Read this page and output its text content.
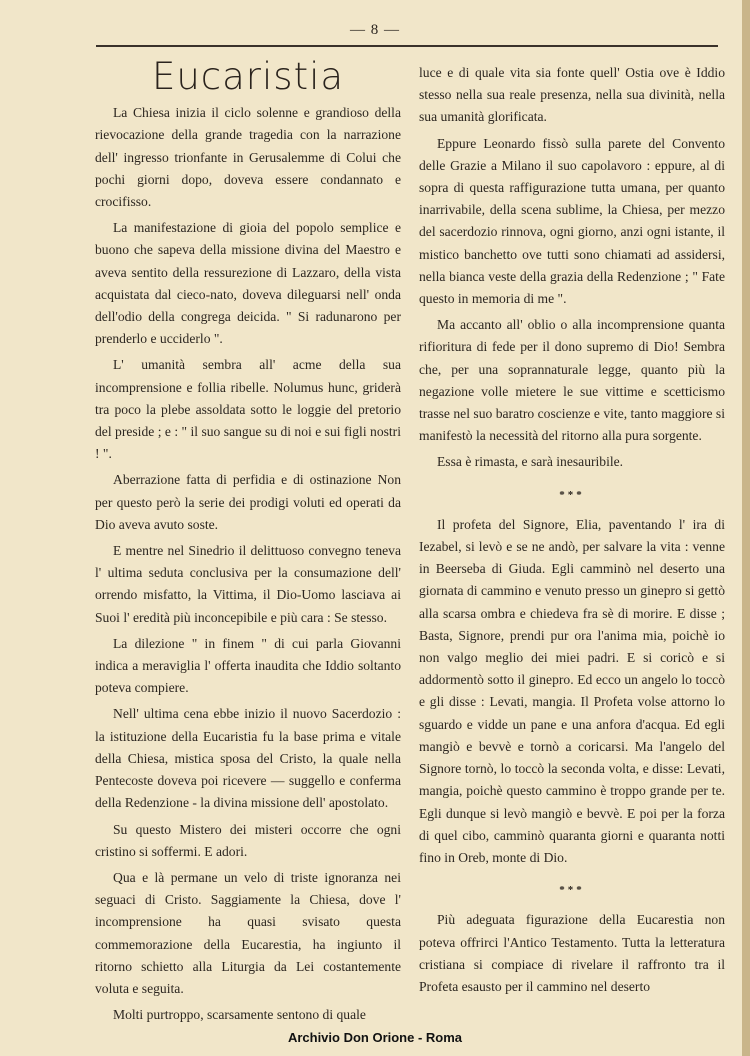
— 8 —
Eucaristia

La Chiesa inizia il ciclo solenne e grandioso della rievocazione della grande tragedia con la narrazione dell' ingresso trionfante in Gerusalemme di Colui che pochi giorni dopo, doveva essere condannato e crocifisso.

La manifestazione di gioia del popolo semplice e buono che sapeva della missione divina del Maestro e aveva sentito della ressurezione di Lazzaro, della vista acquistata dal cieco-nato, doveva dileguarsi nell' onda dell'odio della congrega deicida. " Si radunarono per prenderlo e ucciderlo ".

L' umanità sembra all' acme della sua incomprensione e follia ribelle. Nolumus hunc, griderà tra poco la plebe assoldata sotto le loggie del pretorio del preside ; e : " il suo sangue su di noi e sui figli nostri ! ".

Aberrazione fatta di perfidia e di ostinazione Non per questo però la serie dei prodigi voluti ed operati da Dio aveva avuto soste.

E mentre nel Sinedrio il delittuoso convegno teneva l' ultima seduta conclusiva per la consumazione dell' orrendo misfatto, la Vittima, il Dio-Uomo lasciava ai Suoi l' eredità più inconcepibile e più cara : Se stesso.

La dilezione " in finem " di cui parla Giovanni indica a meraviglia l' offerta inaudita che Iddio soltanto poteva compiere.

Nell' ultima cena ebbe inizio il nuovo Sacerdozio : la istituzione della Eucaristia fu la base prima e vitale della Chiesa, mistica sposa del Cristo, la quale nella Pentecoste doveva poi ricevere — suggello e conferma della Redenzione - la divina missione dell' apostolato.

Su questo Mistero dei misteri occorre che ogni cristino si soffermi. E adori.

Qua e là permane un velo di triste ignoranza nei seguaci di Cristo. Saggiamente la Chiesa, dove l' incomprensione ha quasi svisato questa commemorazione della Eucarestia, ha ingiunto il ritorno schietto alla Liturgia da Lei costantemente voluta e seguita.

Molti purtroppo, scarsamente sentono di quale

luce e di quale vita sia fonte quell' Ostia ove è Iddio stesso nella sua reale presenza, nella sua divinità, nella sua umanità glorificata.

Eppure Leonardo fissò sulla parete del Convento delle Grazie a Milano il suo capolavoro : eppure, al di sopra di questa raffigurazione tutta umana, per quanto inarrivabile, della scena sublime, la Chiesa, per mezzo del sacerdozio rinnova, ogni giorno, anzi ogni istante, il mistico banchetto ove tutti sono chiamati ad assidersi, nella bianca veste della grazia della Redenzione ; " Fate questo in memoria di me ".

Ma accanto all' oblio o alla incomprensione quanta rifioritura di fede per il dono supremo di Dio! Sembra che, per una soprannaturale legge, quanto più la negazione volle mietere le sue vittime e scetticismo trasse nel suo baratro coscienze e vite, tanto maggiore si manifestò la necessità del ritorno alla pura sorgente.

Essa è rimasta, e sarà inesauribile.

***

Il profeta del Signore, Elia, paventando l' ira di Iezabel, si levò e se ne andò, per salvare la vita : venne in Beerseba di Giuda. Egli camminò nel deserto una giornata di cammino e venuto presso un ginepro si gettò alla scarsa ombra e chiedeva fra sè di morire. E disse ; Basta, Signore, prendi pur ora l'anima mia, poichè io non valgo meglio dei miei padri. E si coricò e si addormentò sotto il ginepro. Ed ecco un angelo lo toccò e gli disse : Levati, mangia. Il Profeta volse attorno lo sguardo e vidde un pane e una anfora d'acqua. Ed egli mangiò e bevvè e tornò a coricarsi. Ma l'angelo del Signore tornò, lo toccò la seconda volta, e disse: Levati, mangia, poichè questo cammino è troppo grande per te. Egli dunque si levò mangiò e bevvè. E poi per la forza di quel cibo, camminò quaranta giorni e quaranta notti fino in Oreb, monte di Dio.

***

Più adeguata figurazione della Eucarestia non poteva offrirci l'Antico Testamento. Tutta la letteratura cristiana si compiace di rivelare il raffronto tra il Profeta esausto per il cammino nel deserto

Archivio Don Orione - Roma
